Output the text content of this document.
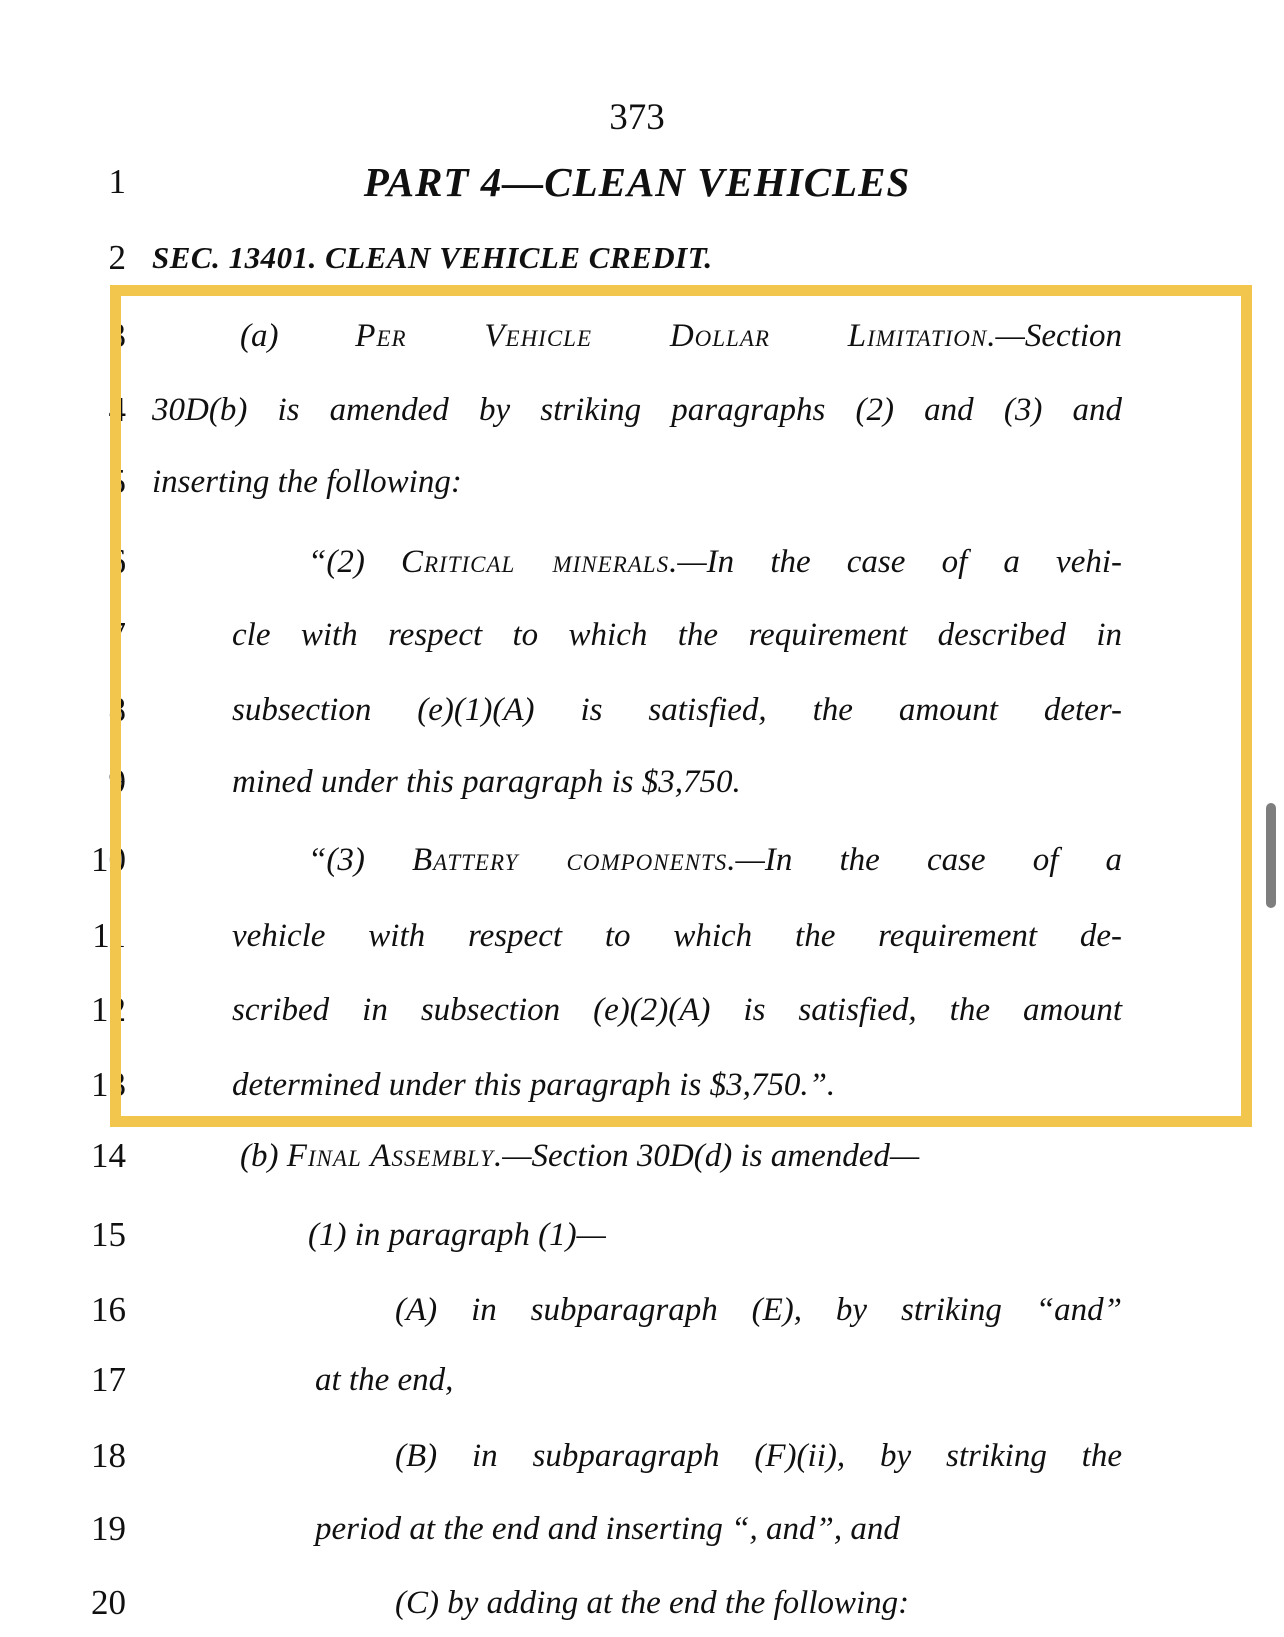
373
1	PART 4—CLEAN VEHICLES
2 SEC. 13401. CLEAN VEHICLE CREDIT.
3	(a) Per Vehicle Dollar Limitation.—Section
4 30D(b) is amended by striking paragraphs (2) and (3) and
5 inserting the following:
6	“(2) Critical minerals.—In the case of a vehi-
7	cle with respect to which the requirement described in
8	subsection (e)(1)(A) is satisfied, the amount deter-
9	mined under this paragraph is $3,750.
10	“(3) Battery components.—In the case of a
11	vehicle with respect to which the requirement de-
12	scribed in subsection (e)(2)(A) is satisfied, the amount
13	determined under this paragraph is $3,750.”.
14	(b) Final Assembly.—Section 30D(d) is amended—
15	(1) in paragraph (1)—
16	(A) in subparagraph (E), by striking “and”
17	at the end,
18	(B) in subparagraph (F)(ii), by striking the
19	period at the end and inserting “, and”, and
20	(C) by adding at the end the following:
